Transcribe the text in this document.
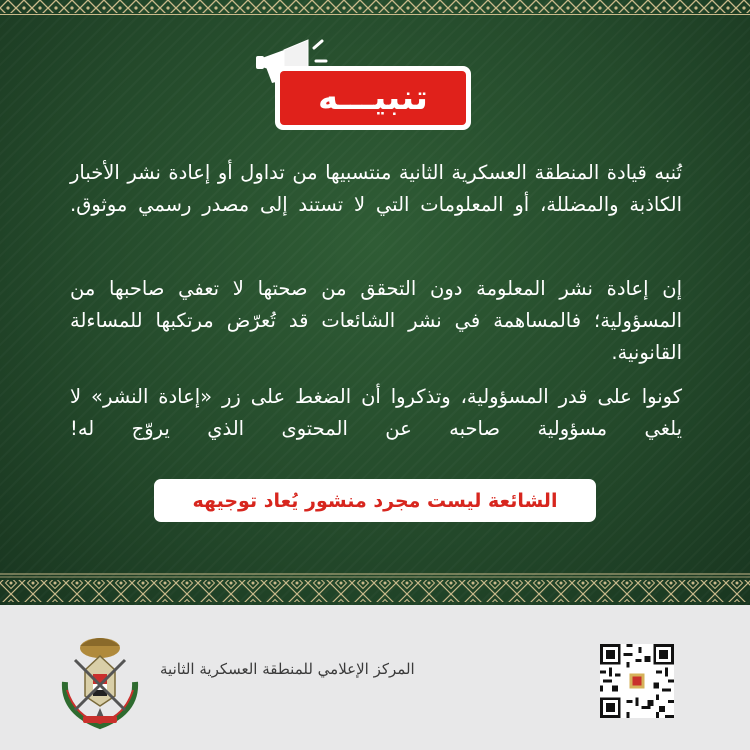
تنبيـــه

تُنبه قيادة المنطقة العسكرية الثانية منتسبيها من تداول أو إعادة نشر الأخبار الكاذبة والمضللة، أو المعلومات التي لا تستند إلى مصدر رسمي موثوق.

إن إعادة نشر المعلومة دون التحقق من صحتها لا تعفي صاحبها من المسؤولية؛ فالمساهمة في نشر الشائعات قد تُعرّض مرتكبها للمساءلة القانونية.

كونوا على قدر المسؤولية، وتذكروا أن الضغط على زر «إعادة النشر» لا يلغي مسؤولية صاحبه عن المحتوى الذي يروّج له!

الشائعة ليست مجرد منشور يُعاد توجيهه
المركز الإعلامي للمنطقة العسكرية الثانية
